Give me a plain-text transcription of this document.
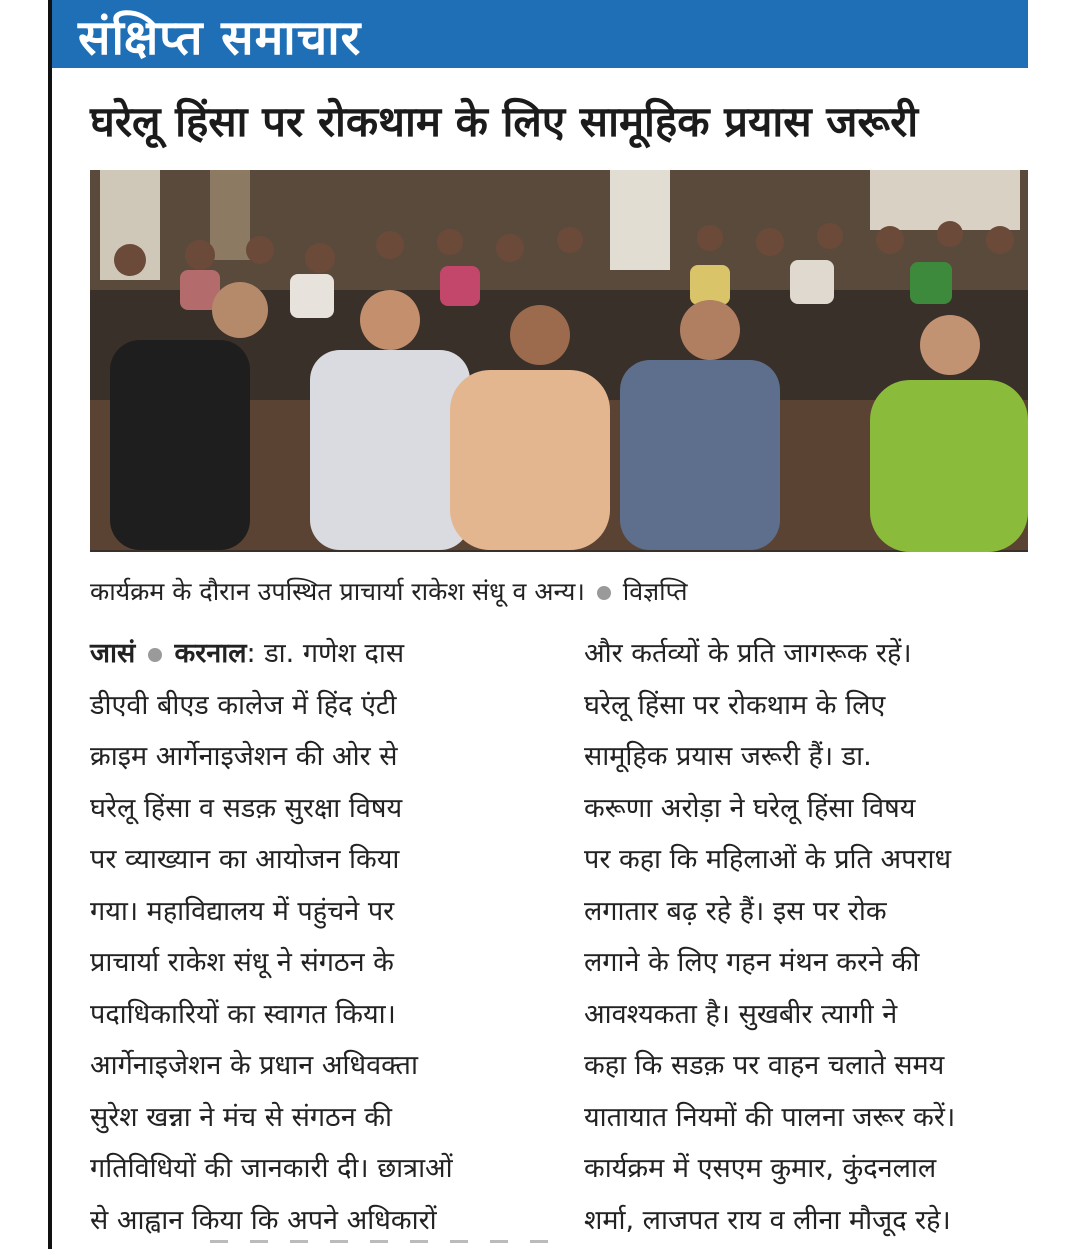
संक्षिप्त समाचार
घरेलू हिंसा पर रोकथाम के लिए सामूहिक प्रयास जरूरी
कार्यक्रम के दौरान उपस्थित प्राचार्या राकेश संधू व अन्य। विज्ञप्ति
जासं करनाल: डा. गणेश दास
डीएवी बीएड कालेज में हिंद एंटी
क्राइम आर्गेनाइजेशन की ओर से
घरेलू हिंसा व सडक़ सुरक्षा विषय
पर व्याख्यान का आयोजन किया
गया। महाविद्यालय में पहुंचने पर
प्राचार्या राकेश संधू ने संगठन के
पदाधिकारियों का स्वागत किया।
आर्गेनाइजेशन के प्रधान अधिवक्ता
सुरेश खन्ना ने मंच से संगठन की
गतिविधियों की जानकारी दी। छात्राओं
से आह्वान किया कि अपने अधिकारों
और कर्तव्यों के प्रति जागरूक रहें।
घरेलू हिंसा पर रोकथाम के लिए
सामूहिक प्रयास जरूरी हैं। डा.
करूणा अरोड़ा ने घरेलू हिंसा विषय
पर कहा कि महिलाओं के प्रति अपराध
लगातार बढ़ रहे हैं। इस पर रोक
लगाने के लिए गहन मंथन करने की
आवश्यकता है। सुखबीर त्यागी ने
कहा कि सडक़ पर वाहन चलाते समय
यातायात नियमों की पालना जरूर करें।
कार्यक्रम में एसएम कुमार, कुंदनलाल
शर्मा, लाजपत राय व लीना मौजूद रहे।
